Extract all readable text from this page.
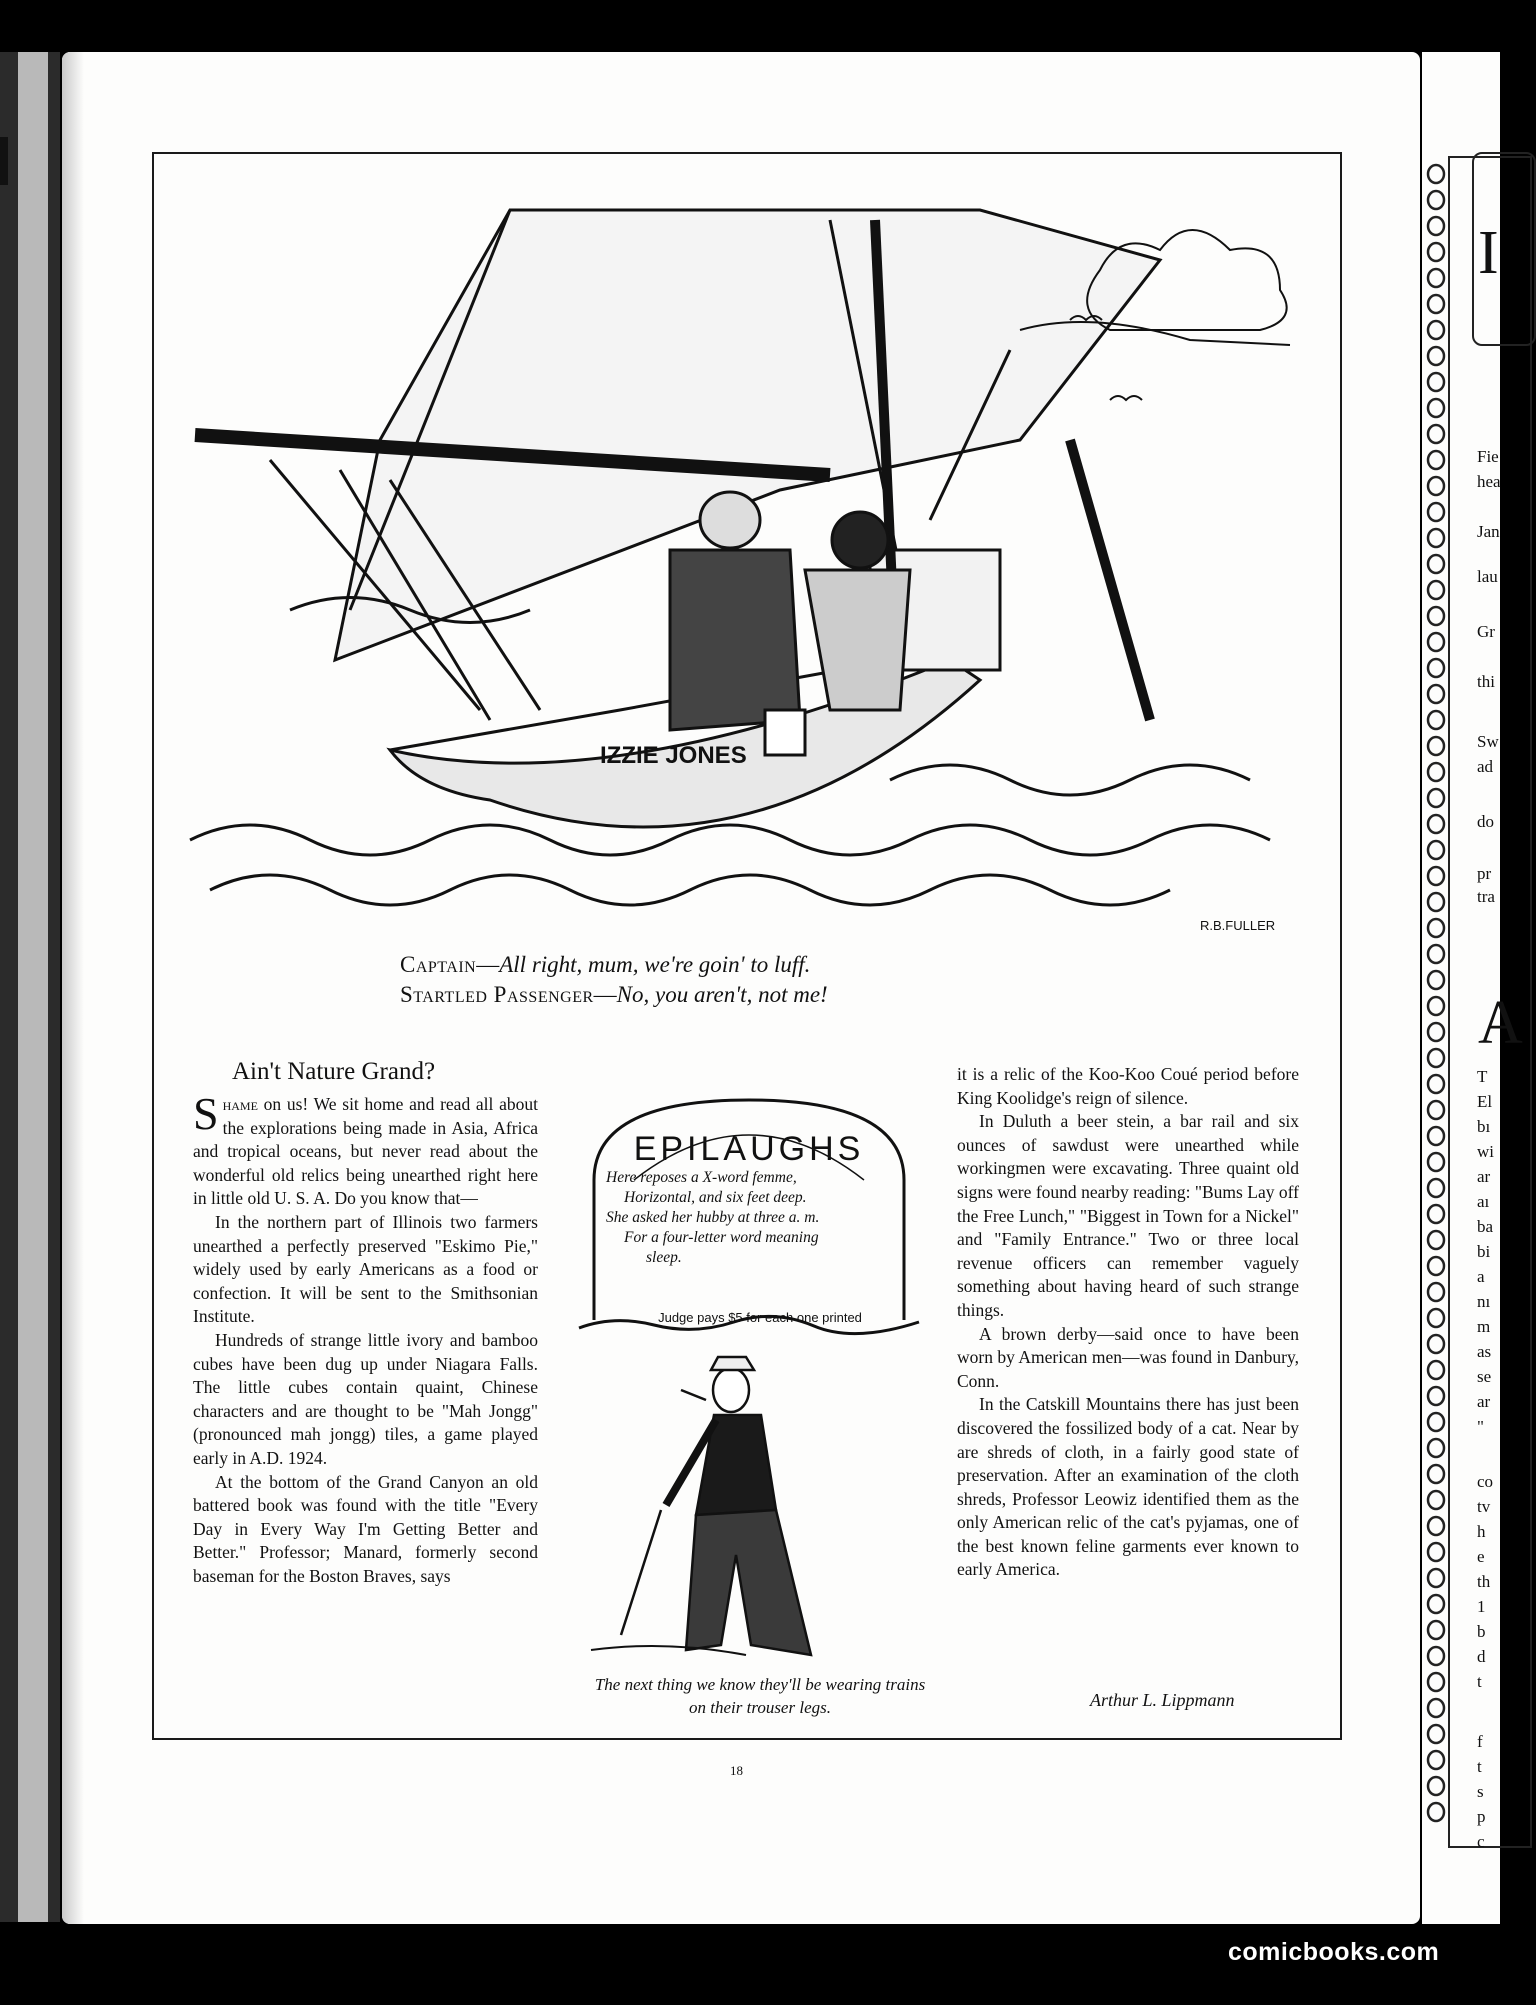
IZZIE JONES
R.B.FULLER
Captain—All right, mum, we're goin' to luff.
Startled Passenger—No, you aren't, not me!
Ain't Nature Grand?

Shame on us! We sit home and read all about the explorations being made in Asia, Africa and tropical oceans, but never read about the wonderful old relics being unearthed right here in little old U. S. A. Do you know that—

In the northern part of Illinois two farmers unearthed a perfectly preserved "Eskimo Pie," widely used by early Americans as a food or confection. It will be sent to the Smithsonian Institute.

Hundreds of strange little ivory and bamboo cubes have been dug up under Niagara Falls. The little cubes contain quaint, Chinese characters and are thought to be "Mah Jongg" (pronounced mah jongg) tiles, a game played early in A.D. 1924.

At the bottom of the Grand Canyon an old battered book was found with the title "Every Day in Every Way I'm Getting Better and Better." Professor; Manard, formerly second baseman for the Boston Braves, says

it is a relic of the Koo-Koo Coué period before King Koolidge's reign of silence.

In Duluth a beer stein, a bar rail and six ounces of sawdust were unearthed while workingmen were excavating. Three quaint old signs were found nearby reading: "Bums Lay off the Free Lunch," "Biggest in Town for a Nickel" and "Family Entrance." Two or three local revenue officers can remember vaguely something about having heard of such strange things.

A brown derby—said once to have been worn by American men—was found in Danbury, Conn.

In the Catskill Mountains there has just been discovered the fossilized body of a cat. Near by are shreds of cloth, in a fairly good state of preservation. After an examination of the cloth shreds, Professor Leowiz identified them as the only American relic of the cat's pyjamas, one of the best known feline garments ever known to early America.

Arthur L. Lippmann
EPILAUGHS
Here reposes a X-word femme,
Horizontal, and six feet deep.
She asked her hubby at three a. m.
For a four-letter word meaning
sleep.
Judge pays $5 for each one printed
The next thing we know they'll be wearing trains on their trouser legs.
18
I
A
Fie
hea
Jan
lau
Gr
thi
Sw
ad
do
pr
tra
T
El
bı
wi
ar
aı
ba
bi
a
nı
m
as
se
ar
"
co
tv
h
e
th
1
b
d
t
f
t
s
p
c
comicbooks.com
